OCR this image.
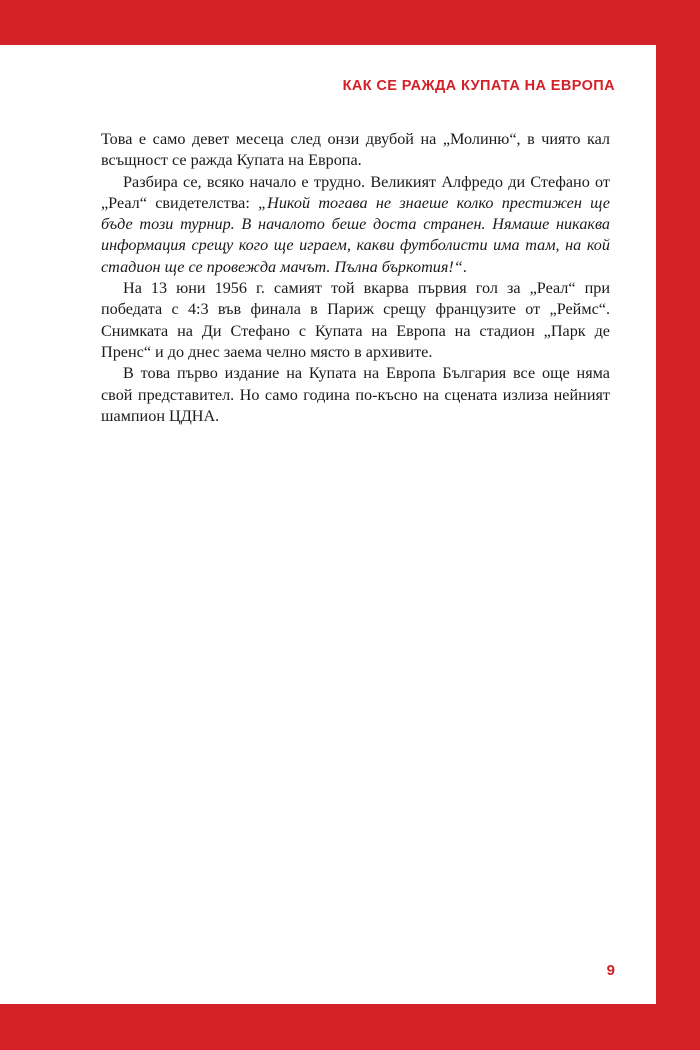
КАК СЕ РАЖДА КУПАТА НА ЕВРОПА

Това е само девет месеца след онзи двубой на „Молиню“, в чиято кал всъщност се ражда Купата на Европа.

Разбира се, всяко начало е трудно. Великият Алфредо ди Стефано от „Реал“ свидетелства: „Никой тогава не знаеше колко престижен ще бъде този турнир. В началото беше доста странен. Нямаше никаква информация срещу кого ще играем, какви футболисти има там, на кой стадион ще се провежда мачът. Пълна бъркотия!“.

На 13 юни 1956 г. самият той вкарва първия гол за „Реал“ при победата с 4:3 във финала в Париж срещу французите от „Реймс“. Снимката на Ди Стефано с Купата на Европа на стадион „Парк де Пренс“ и до днес заема челно място в архивите.

В това първо издание на Купата на Европа България все още няма свой представител. Но само година по-късно на сцената излиза нейният шампион ЦДНА.

9
